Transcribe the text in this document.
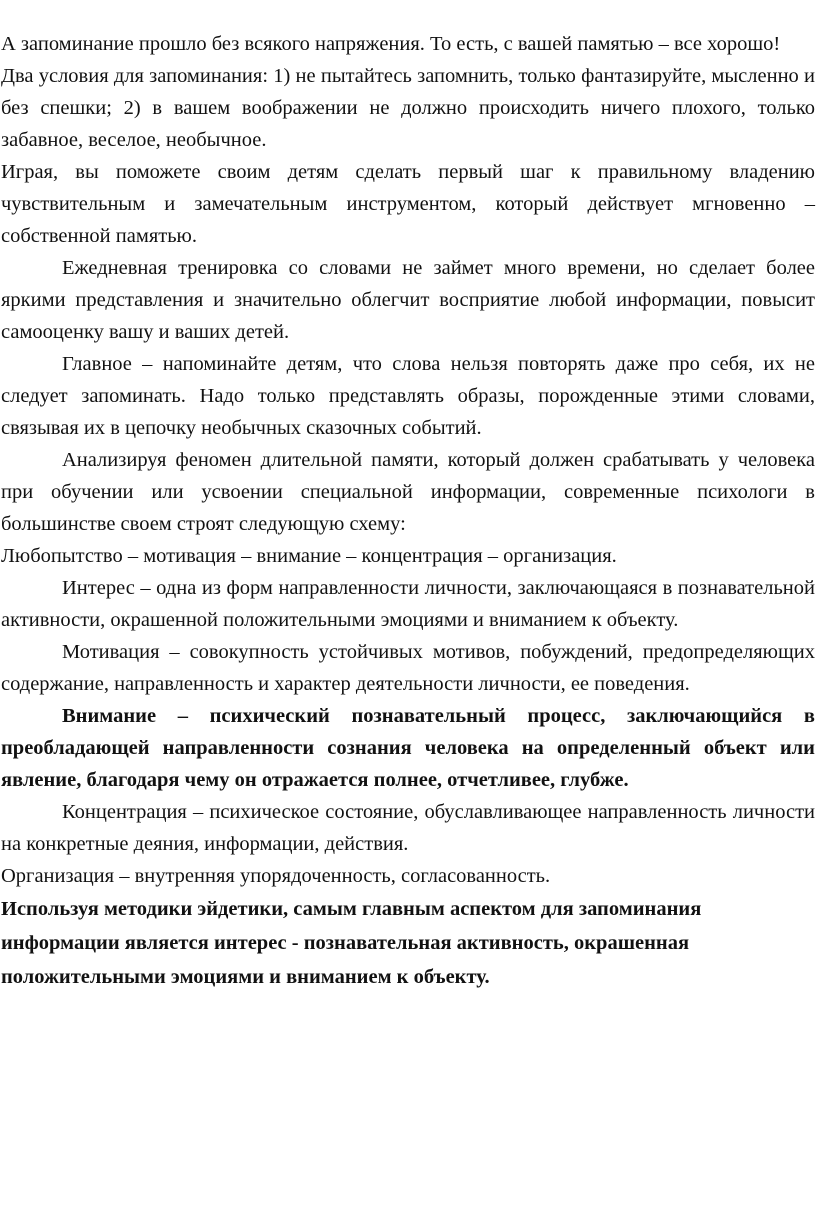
А запоминание прошло без всякого напряжения. То есть, с вашей памятью – все хорошо!

Два условия для запоминания: 1) не пытайтесь запомнить, только фантазируйте, мысленно и без спешки; 2) в вашем воображении не должно происходить ничего плохого, только забавное, веселое, необычное.

Играя, вы поможете своим детям сделать первый шаг к правильному владению чувствительным и замечательным инструментом, который действует мгновенно – собственной памятью.

Ежедневная тренировка со словами не займет много времени, но сделает более яркими представления и значительно облегчит восприятие любой информации, повысит самооценку вашу и ваших детей.

Главное – напоминайте детям, что слова нельзя повторять даже про себя, их не следует запоминать. Надо только представлять образы, порожденные этими словами, связывая их в цепочку необычных сказочных событий.

Анализируя феномен длительной памяти, который должен срабатывать у человека при обучении или усвоении специальной информации, современные психологи в большинстве своем строят следующую схему:

Любопытство – мотивация – внимание – концентрация – организация.

Интерес – одна из форм направленности личности, заключающаяся в познавательной активности, окрашенной положительными эмоциями и вниманием к объекту.

Мотивация – совокупность устойчивых мотивов, побуждений, предопределяющих содержание, направленность и характер деятельности личности, ее поведения.

Внимание – психический познавательный процесс, заключающийся в преобладающей направленности сознания человека на определенный объект или явление, благодаря чему он отражается полнее, отчетливее, глубже.

Концентрация – психическое состояние, обуславливающее направленность личности на конкретные деяния, информации, действия.

Организация – внутренняя упорядоченность, согласованность.

Используя методики эйдетики, самым главным аспектом для запоминания информации является интерес - познавательная активность, окрашенная положительными эмоциями и вниманием к объекту.
